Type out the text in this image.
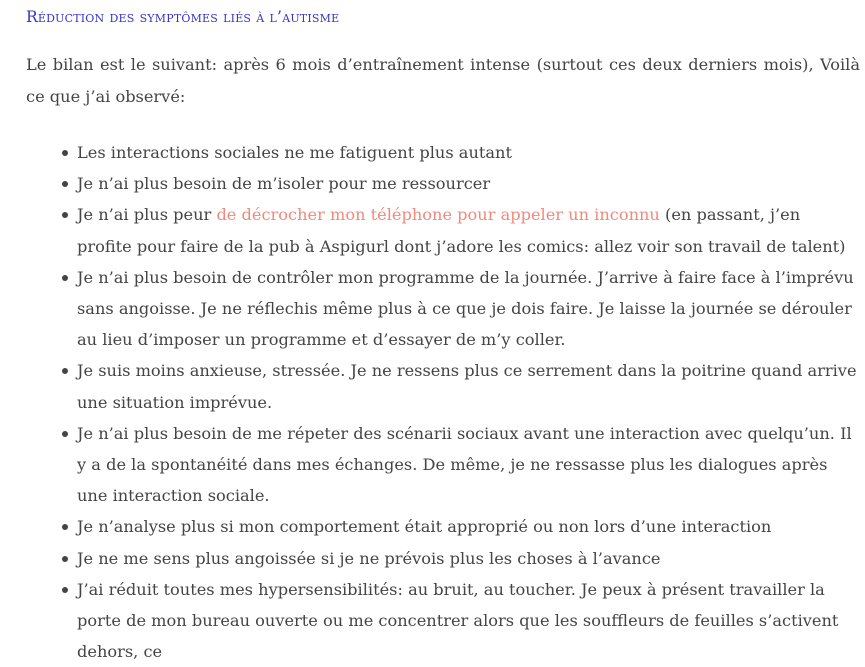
Réduction des symptômes liés à l’autisme

Le bilan est le suivant: après 6 mois d’entraînement intense (surtout ces deux derniers mois), Voilà ce que j’ai observé:

Les interactions sociales ne me fatiguent plus autant
Je n’ai plus besoin de m’isoler pour me ressourcer
Je n’ai plus peur de décrocher mon téléphone pour appeler un inconnu (en passant, j’en profite pour faire de la pub à Aspigurl dont j’adore les comics: allez voir son travail de talent)
Je n’ai plus besoin de contrôler mon programme de la journée. J’arrive à faire face à l’imprévu sans angoisse. Je ne réflechis même plus à ce que je dois faire. Je laisse la journée se dérouler au lieu d’imposer un programme et d’essayer de m’y coller.
Je suis moins anxieuse, stressée. Je ne ressens plus ce serrement dans la poitrine quand arrive une situation imprévue.
Je n’ai plus besoin de me répeter des scénarii sociaux avant une interaction avec quelqu’un. Il y a de la spontanéité dans mes échanges. De même, je ne ressasse plus les dialogues après une interaction sociale.
Je n’analyse plus si mon comportement était approprié ou non lors d’une interaction
Je ne me sens plus angoissée si je ne prévois plus les choses à l’avance
J’ai réduit toutes mes hypersensibilités: au bruit, au toucher. Je peux à présent travailler la porte de mon bureau ouverte ou me concentrer alors que les souffleurs de feuilles s’activent dehors, ce
